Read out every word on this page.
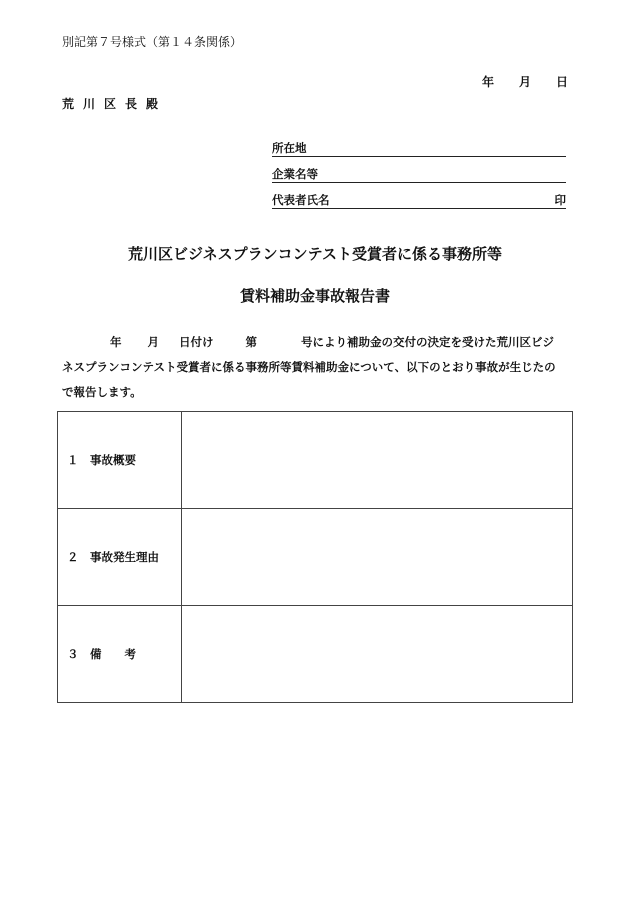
別記第７号様式（第１４条関係）
年 月 日
荒川区長殿
所在地
企業名等
代表者氏名	印
荒川区ビジネスプランコンテスト受賞者に係る事務所等
賃料補助金事故報告書
年 月 日付け	第	号により補助金の交付の決定を受けた荒川区ビジ
ネスプランコンテスト受賞者に係る事務所等賃料補助金について、以下のとおり事故が生じたの
で報告します。
１　事故概要	
２　事故発生理由	
３　備　　考	
